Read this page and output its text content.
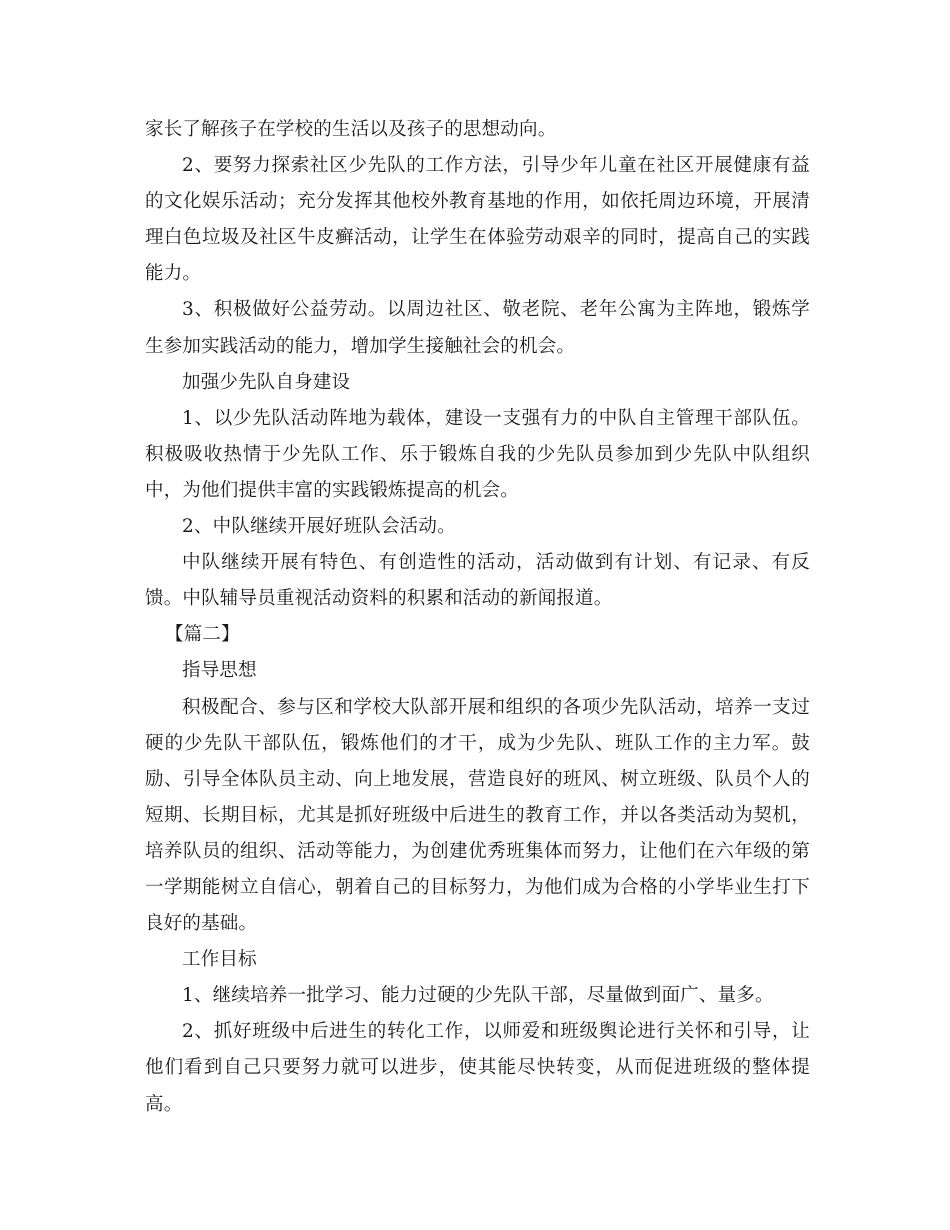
家长了解孩子在学校的生活以及孩子的思想动向。

2、要努力探索社区少先队的工作方法，引导少年儿童在社区开展健康有益的文化娱乐活动；充分发挥其他校外教育基地的作用，如依托周边环境，开展清理白色垃圾及社区牛皮癣活动，让学生在体验劳动艰辛的同时，提高自己的实践能力。

3、积极做好公益劳动。以周边社区、敬老院、老年公寓为主阵地，锻炼学生参加实践活动的能力，增加学生接触社会的机会。

加强少先队自身建设

1、以少先队活动阵地为载体，建设一支强有力的中队自主管理干部队伍。积极吸收热情于少先队工作、乐于锻炼自我的少先队员参加到少先队中队组织中，为他们提供丰富的实践锻炼提高的机会。

2、中队继续开展好班队会活动。

中队继续开展有特色、有创造性的活动，活动做到有计划、有记录、有反馈。中队辅导员重视活动资料的积累和活动的新闻报道。

【篇二】

指导思想

积极配合、参与区和学校大队部开展和组织的各项少先队活动，培养一支过硬的少先队干部队伍，锻炼他们的才干，成为少先队、班队工作的主力军。鼓励、引导全体队员主动、向上地发展，营造良好的班风、树立班级、队员个人的短期、长期目标，尤其是抓好班级中后进生的教育工作，并以各类活动为契机，培养队员的组织、活动等能力，为创建优秀班集体而努力，让他们在六年级的第一学期能树立自信心，朝着自己的目标努力，为他们成为合格的小学毕业生打下良好的基础。

工作目标

1、继续培养一批学习、能力过硬的少先队干部，尽量做到面广、量多。

2、抓好班级中后进生的转化工作，以师爱和班级舆论进行关怀和引导，让他们看到自己只要努力就可以进步，使其能尽快转变，从而促进班级的整体提高。
